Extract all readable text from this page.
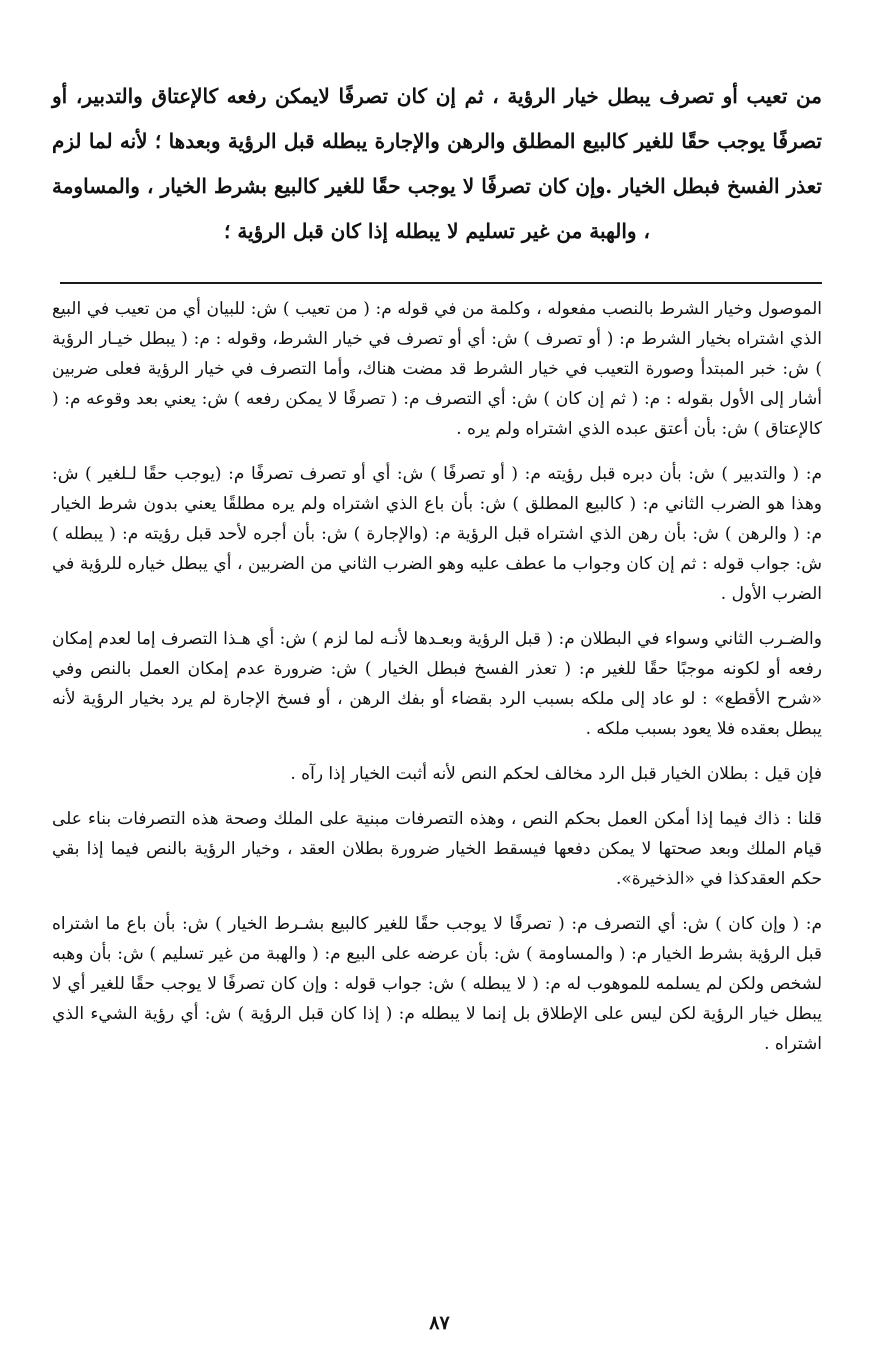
من تعيب أو تصرف يبطل خيار الرؤية ، ثم إن كان تصرفًا لايمكن رفعه كالإعتاق والتدبير، أو تصرفًا يوجب حقًا للغير كالبيع المطلق والرهن والإجارة يبطله قبل الرؤية وبعدها ؛ لأنه لما لزم تعذر الفسخ فبطل الخيار .وإن كان تصرفًا لا يوجب حقًا للغير كالبيع بشرط الخيار ، والمساومة ، والهبة من غير تسليم لا يبطله إذا كان قبل الرؤية ؛

الموصول وخيار الشرط بالنصب مفعوله ، وكلمة من في قوله م: ( من تعيب ) ش: للبيان أي من تعيب في البيع الذي اشتراه بخيار الشرط م: ( أو تصرف ) ش: أي أو تصرف في خيار الشرط، وقوله : م: ( يبطل خيـار الرؤية ) ش: خبر المبتدأ وصورة التعيب في خيار الشرط قد مضت هناك، وأما التصرف في خيار الرؤية فعلى ضربين أشار إلى الأول بقوله : م: ( ثم إن كان ) ش: أي التصرف م: ( تصرفًا لا يمكن رفعه ) ش: يعني بعد وقوعه م: ( كالإعتاق ) ش: بأن أعتق عبده الذي اشتراه ولم يره .

م: ( والتدبير ) ش: بأن دبره قبل رؤيته م: ( أو تصرفًا ) ش: أي أو تصرف تصرفًا م: (يوجب حقًا لـلغير ) ش: وهذا هو الضرب الثاني م: ( كالبيع المطلق ) ش: بأن باع الذي اشتراه ولم يره مطلقًا يعني بدون شرط الخيار م: ( والرهن ) ش: بأن رهن الذي اشتراه قبل الرؤية م: (والإجارة ) ش: بأن أجره لأحد قبل رؤيته م: ( يبطله ) ش: جواب قوله : ثم إن كان وجواب ما عطف عليه وهو الضرب الثاني من الضربين ، أي يبطل خياره للرؤية في الضرب الأول .

والضـرب الثاني وسواء في البطلان م: ( قبل الرؤية وبعـدها لأنـه لما لزم ) ش: أي هـذا التصرف إما لعدم إمكان رفعه أو لكونه موجبًا حقًا للغير م: ( تعذر الفسخ فبطل الخيار ) ش: ضرورة عدم إمكان العمل بالنص وفي «شرح الأقطع» : لو عاد إلى ملكه بسبب الرد بقضاء أو بفك الرهن ، أو فسخ الإجارة لم يرد بخيار الرؤية لأنه يبطل بعقده فلا يعود بسبب ملكه .

فإن قيل : بطلان الخيار قبل الرد مخالف لحكم النص لأنه أثبت الخيار إذا رآه .

قلنا : ذاك فيما إذا أمكن العمل بحكم النص ، وهذه التصرفات مبنية على الملك وصحة هذه التصرفات بناء على قيام الملك وبعد صحتها لا يمكن دفعها فيسقط الخيار ضرورة بطلان العقد ، وخيار الرؤية بالنص فيما إذا بقي حكم العقدكذا في «الذخيرة».

م: ( وإن كان ) ش: أي التصرف م: ( تصرفًا لا يوجب حقًا للغير كالبيع بشـرط الخيار ) ش: بأن باع ما اشتراه قبل الرؤية بشرط الخيار م: ( والمساومة ) ش: بأن عرضه على البيع م: ( والهبة من غير تسليم ) ش: بأن وهبه لشخص ولكن لم يسلمه للموهوب له م: ( لا يبطله ) ش: جواب قوله : وإن كان تصرفًا لا يوجب حقًا للغير أي لا يبطل خيار الرؤية لكن ليس على الإطلاق بل إنما لا يبطله م: ( إذا كان قبل الرؤية ) ش: أي رؤية الشيء الذي اشتراه .

٨٧
